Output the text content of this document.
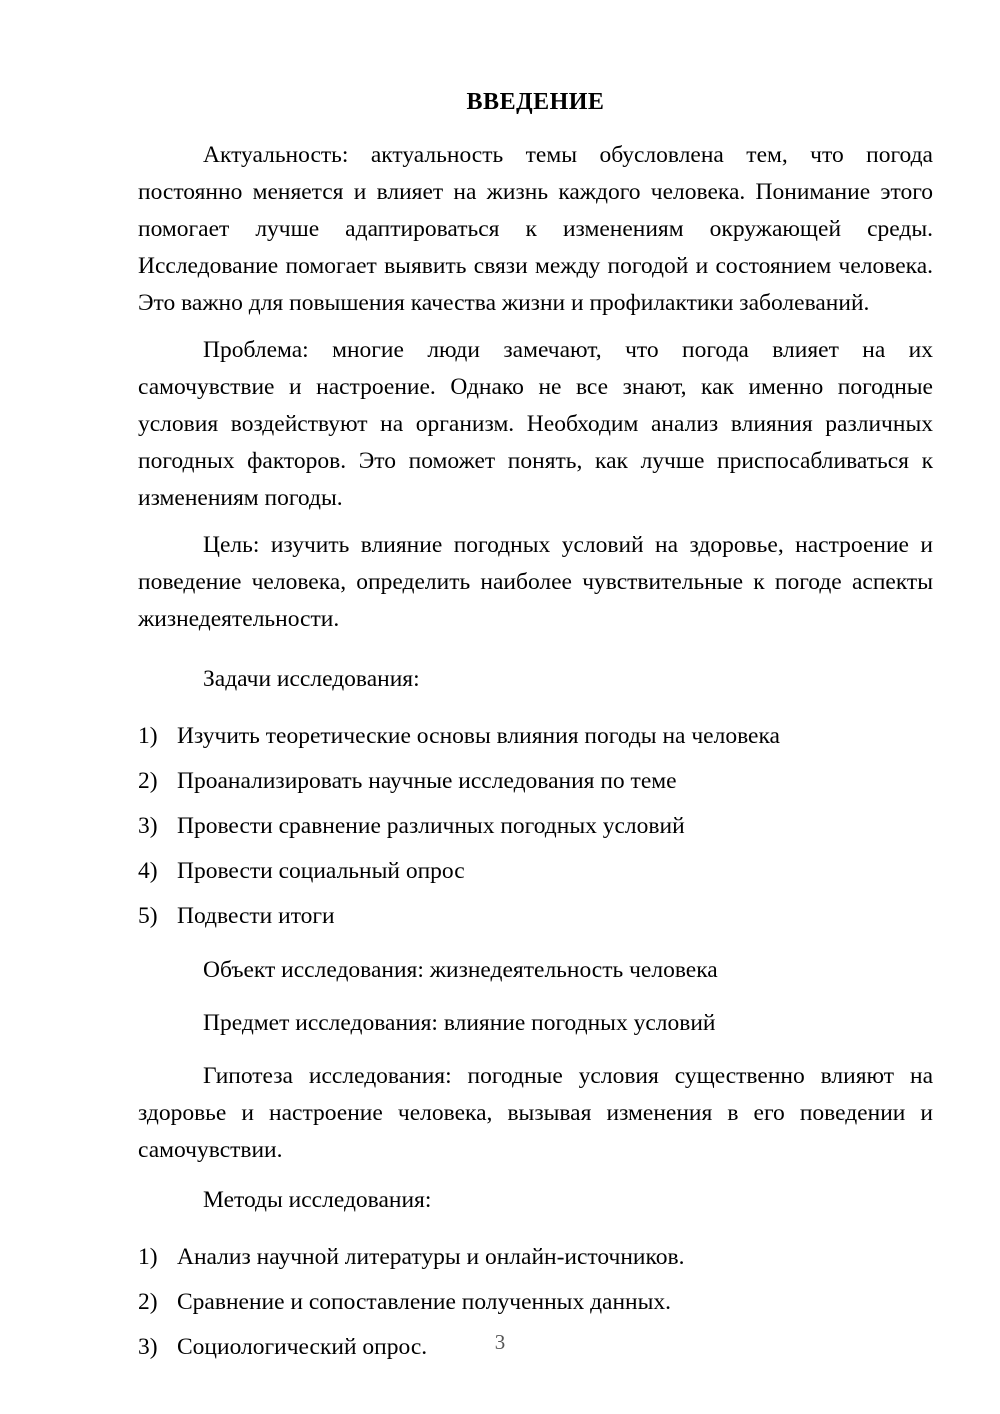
ВВЕДЕНИЕ

Актуальность: актуальность темы обусловлена тем, что погода постоянно меняется и влияет на жизнь каждого человека. Понимание этого помогает лучше адаптироваться к изменениям окружающей среды. Исследование помогает выявить связи между погодой и состоянием человека. Это важно для повышения качества жизни и профилактики заболеваний.

Проблема: многие люди замечают, что погода влияет на их самочувствие и настроение. Однако не все знают, как именно погодные условия воздействуют на организм. Необходим анализ влияния различных погодных факторов. Это поможет понять, как лучше приспосабливаться к изменениям погоды.

Цель: изучить влияние погодных условий на здоровье, настроение и поведение человека, определить наиболее чувствительные к погоде аспекты жизнедеятельности.

Задачи исследования:
1) Изучить теоретические основы влияния погоды на человека
2) Проанализировать научные исследования по теме
3) Провести сравнение различных погодных условий
4) Провести социальный опрос
5) Подвести итоги
Объект исследования: жизнедеятельность человека
Предмет исследования: влияние погодных условий

Гипотеза исследования: погодные условия существенно влияют на здоровье и настроение человека, вызывая изменения в его поведении и самочувствии.

Методы исследования:
1) Анализ научной литературы и онлайн-источников.
2) Сравнение и сопоставление полученных данных.
3) Социологический опрос.	3
